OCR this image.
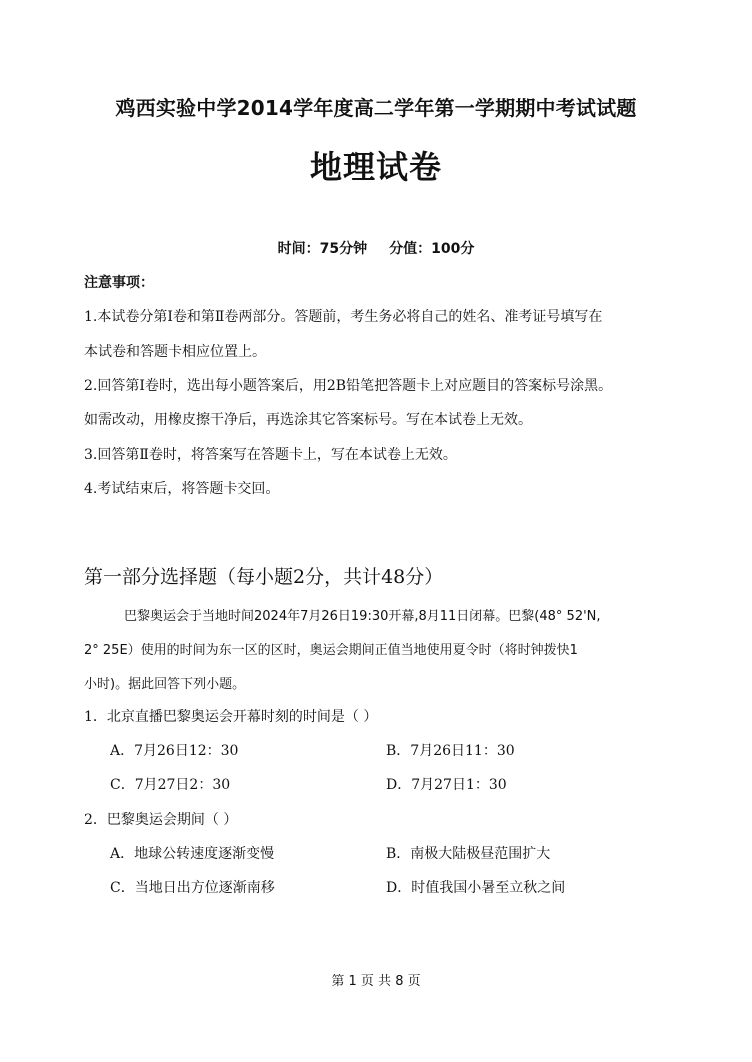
鸡西实验中学2014学年度高二学年第一学期期中考试试题
地理试卷
时间：75分钟 分值：100分
注意事项：
1.本试卷分第Ⅰ卷和第Ⅱ卷两部分。答题前，考生务必将自己的姓名、准考证号填写在
本试卷和答题卡相应位置上。
2.回答第Ⅰ卷时，选出每小题答案后，用2B铅笔把答题卡上对应题目的答案标号涂黑。
如需改动，用橡皮擦干净后，再选涂其它答案标号。写在本试卷上无效。
3.回答第Ⅱ卷时，将答案写在答题卡上，写在本试卷上无效。
4.考试结束后，将答题卡交回。
第一部分选择题（每小题2分，共计48分）
巴黎奥运会于当地时间2024年7月26日19:30开幕,8月11日闭幕。巴黎(48° 52'N,
2° 25E）使用的时间为东一区的区时，奥运会期间正值当地使用夏令时（将时钟拨快1
小时)。据此回答下列小题。
1．北京直播巴黎奥运会开幕时刻的时间是（ ）
A．7月26日12：30	B．7月26日11：30
C．7月27日2：30	D．7月27日1：30
2．巴黎奥运会期间（ ）
A．地球公转速度逐渐变慢	B．南极大陆极昼范围扩大
C．当地日出方位逐渐南移	D．时值我国小暑至立秋之间
第 1 页 共 8 页
